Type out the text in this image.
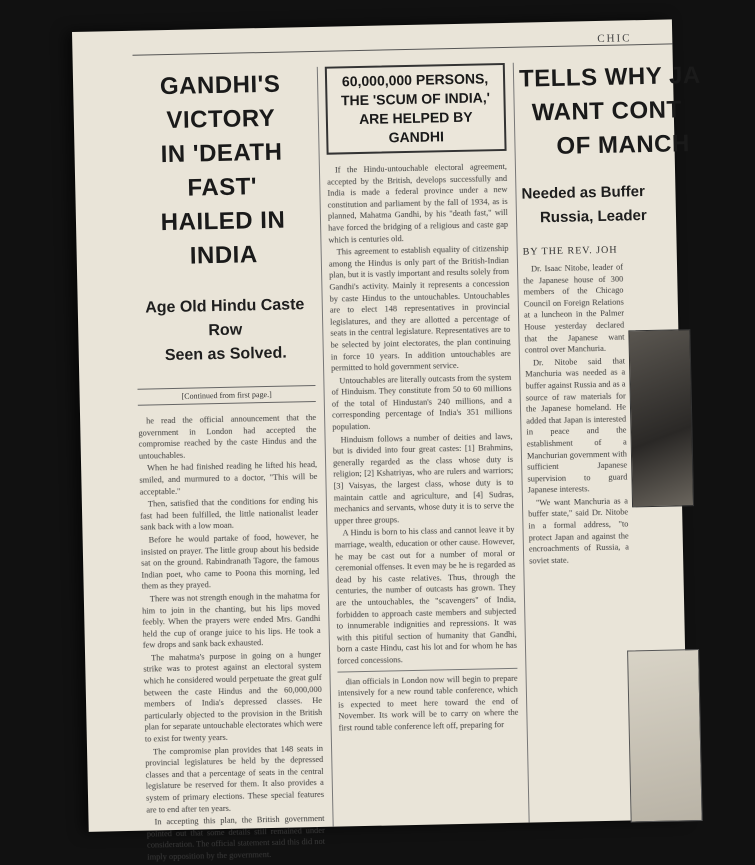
CHIC
GANDHI'S VICTORY
IN 'DEATH FAST'
HAILED IN INDIA
Age Old Hindu Caste Row
Seen as Solved.
[Continued from first page.]

he read the official announcement that the government in London had accepted the compromise reached by the caste Hindus and the untouchables.

When he had finished reading he lifted his head, smiled, and murmured to a doctor, "This will be acceptable."

Then, satisfied that the conditions for ending his fast had been fulfilled, the little nationalist leader sank back with a low moan.

Before he would partake of food, however, he insisted on prayer. The little group about his bedside sat on the ground. Rabindranath Tagore, the famous Indian poet, who came to Poona this morning, led them as they prayed.

There was not strength enough in the mahatma for him to join in the chanting, but his lips moved feebly. When the prayers were ended Mrs. Gandhi held the cup of orange juice to his lips. He took a few drops and sank back exhausted.

The mahatma's purpose in going on a hunger strike was to protest against an electoral system which he considered would perpetuate the great gulf between the caste Hindus and the 60,000,000 members of India's depressed classes. He particularly objected to the provision in the British plan for separate untouchable electorates which were to exist for twenty years.

The compromise plan provides that 148 seats in provincial legislatures be held by the depressed classes and that a percentage of seats in the central legislature be reserved for them. It also provides a system of primary elections. These special features are to end after ten years.

In accepting this plan, the British government pointed out that some details still remained under consideration. The official statement said this did not imply opposition by the government.

60,000,000 PERSONS,
THE 'SCUM OF INDIA,'
ARE HELPED BY GANDHI

If the Hindu-untouchable electoral agreement, accepted by the British, develops successfully and India is made a federal province under a new constitution and parliament by the fall of 1934, as is planned, Mahatma Gandhi, by his "death fast," will have forced the bridging of a religious and caste gap which is centuries old.

This agreement to establish equality of citizenship among the Hindus is only part of the British-Indian plan, but it is vastly important and results solely from Gandhi's activity. Mainly it represents a concession by caste Hindus to the untouchables. Untouchables are to elect 148 representatives in provincial legislatures, and they are allotted a percentage of seats in the central legislature. Representatives are to be selected by joint electorates, the plan continuing in force 10 years. In addition untouchables are permitted to hold government service.

Untouchables are literally outcasts from the system of Hinduism. They constitute from 50 to 60 millions of the total of Hindustan's 240 millions, and a corresponding percentage of India's 351 millions population.

Hinduism follows a number of deities and laws, but is divided into four great castes: [1] Brahmins, generally regarded as the class whose duty is religion; [2] Kshatriyas, who are rulers and warriors; [3] Vaisyas, the largest class, whose duty is to maintain cattle and agriculture, and [4] Sudras, mechanics and servants, whose duty it is to serve the upper three groups.

A Hindu is born to his class and cannot leave it by marriage, wealth, education or other cause. However, he may be cast out for a number of moral or ceremonial offenses. It even may be he is regarded as dead by his caste relatives. Thus, through the centuries, the number of outcasts has grown. They are the untouchables, the "scavengers" of India, forbidden to approach caste members and subjected to innumerable indignities and repressions. It was with this pitiful section of humanity that Gandhi, born a caste Hindu, cast his lot and for whom he has forced concessions.

dian officials in London now will begin to prepare intensively for a new round table conference, which is expected to meet here toward the end of November. Its work will be to carry on where the first round table conference left off, preparing for

TELLS WHY JA
WANT CONT
OF MANCH
Needed as Buffer
Russia, Leader
BY THE REV. JOH

Dr. Isaac Nitobe, leader of the Japanese house of 300 members of the Chicago Council on Foreign Relations at a luncheon in the Palmer House yesterday declared that the Japanese want control over Manchuria.

Dr. Nitobe said that Manchuria was needed as a buffer against Russia and as a source of raw materials for the Japanese homeland. He added that Japan is interested in peace and the establishment of a Manchurian government with sufficient Japanese supervision to guard Japanese interests.

"We want Manchuria as a buffer state," said Dr. Nitobe in a formal address, "to protect Japan and against the encroachments of Russia, a soviet state.
